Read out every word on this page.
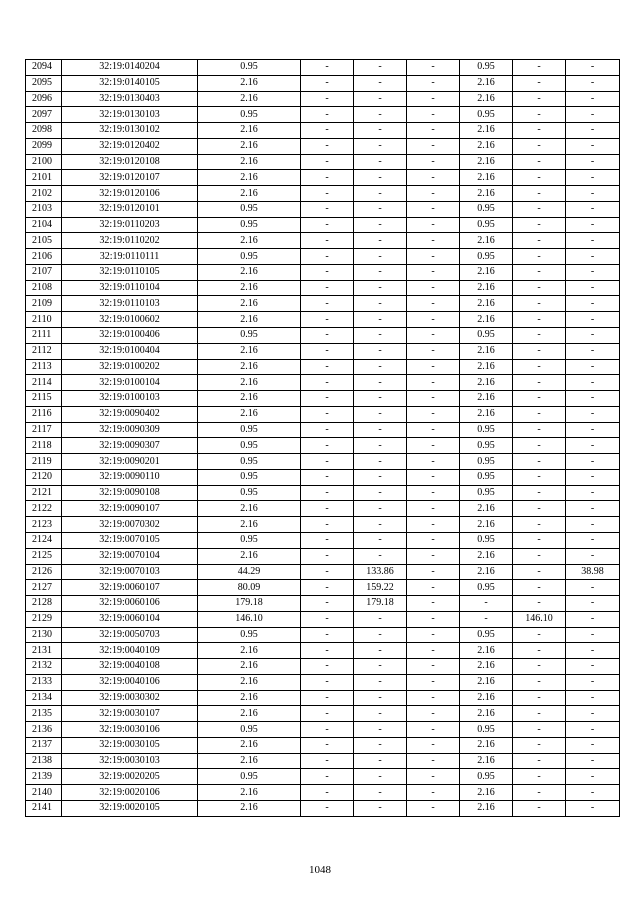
2094	32:19:0140204	0.95	-	-	-	0.95	-	-
2095	32:19:0140105	2.16	-	-	-	2.16	-	-
2096	32:19:0130403	2.16	-	-	-	2.16	-	-
2097	32:19:0130103	0.95	-	-	-	0.95	-	-
2098	32:19:0130102	2.16	-	-	-	2.16	-	-
2099	32:19:0120402	2.16	-	-	-	2.16	-	-
2100	32:19:0120108	2.16	-	-	-	2.16	-	-
2101	32:19:0120107	2.16	-	-	-	2.16	-	-
2102	32:19:0120106	2.16	-	-	-	2.16	-	-
2103	32:19:0120101	0.95	-	-	-	0.95	-	-
2104	32:19:0110203	0.95	-	-	-	0.95	-	-
2105	32:19:0110202	2.16	-	-	-	2.16	-	-
2106	32:19:0110111	0.95	-	-	-	0.95	-	-
2107	32:19:0110105	2.16	-	-	-	2.16	-	-
2108	32:19:0110104	2.16	-	-	-	2.16	-	-
2109	32:19:0110103	2.16	-	-	-	2.16	-	-
2110	32:19:0100602	2.16	-	-	-	2.16	-	-
2111	32:19:0100406	0.95	-	-	-	0.95	-	-
2112	32:19:0100404	2.16	-	-	-	2.16	-	-
2113	32:19:0100202	2.16	-	-	-	2.16	-	-
2114	32:19:0100104	2.16	-	-	-	2.16	-	-
2115	32:19:0100103	2.16	-	-	-	2.16	-	-
2116	32:19:0090402	2.16	-	-	-	2.16	-	-
2117	32:19:0090309	0.95	-	-	-	0.95	-	-
2118	32:19:0090307	0.95	-	-	-	0.95	-	-
2119	32:19:0090201	0.95	-	-	-	0.95	-	-
2120	32:19:0090110	0.95	-	-	-	0.95	-	-
2121	32:19:0090108	0.95	-	-	-	0.95	-	-
2122	32:19:0090107	2.16	-	-	-	2.16	-	-
2123	32:19:0070302	2.16	-	-	-	2.16	-	-
2124	32:19:0070105	0.95	-	-	-	0.95	-	-
2125	32:19:0070104	2.16	-	-	-	2.16	-	-
2126	32:19:0070103	44.29	-	133.86	-	2.16	-	38.98
2127	32:19:0060107	80.09	-	159.22	-	0.95	-	-
2128	32:19:0060106	179.18	-	179.18	-	-	-	-
2129	32:19:0060104	146.10	-	-	-	-	146.10	-
2130	32:19:0050703	0.95	-	-	-	0.95	-	-
2131	32:19:0040109	2.16	-	-	-	2.16	-	-
2132	32:19:0040108	2.16	-	-	-	2.16	-	-
2133	32:19:0040106	2.16	-	-	-	2.16	-	-
2134	32:19:0030302	2.16	-	-	-	2.16	-	-
2135	32:19:0030107	2.16	-	-	-	2.16	-	-
2136	32:19:0030106	0.95	-	-	-	0.95	-	-
2137	32:19:0030105	2.16	-	-	-	2.16	-	-
2138	32:19:0030103	2.16	-	-	-	2.16	-	-
2139	32:19:0020205	0.95	-	-	-	0.95	-	-
2140	32:19:0020106	2.16	-	-	-	2.16	-	-
2141	32:19:0020105	2.16	-	-	-	2.16	-	-
1048
